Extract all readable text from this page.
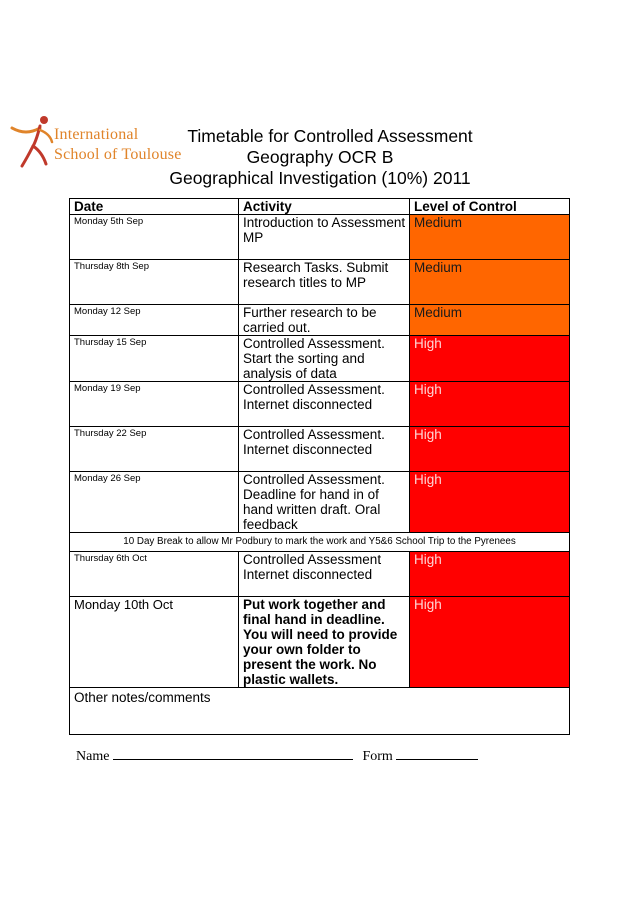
International
School of Toulouse
Timetable for Controlled Assessment
Geography OCR B
Geographical Investigation (10%) 2011
Date	Activity	Level of Control
Monday 5th Sep	Introduction to Assessment MP	Medium
Thursday 8th Sep	Research Tasks. Submit research titles to MP	Medium
Monday 12 Sep	Further research to be carried out.	Medium
Thursday 15 Sep	Controlled Assessment. Start the sorting and analysis of data	High
Monday 19 Sep	Controlled Assessment. Internet disconnected	High
Thursday 22 Sep	Controlled Assessment. Internet disconnected	High
Monday 26 Sep	Controlled Assessment. Deadline for hand in of hand written draft. Oral feedback	High
10 Day Break to allow Mr Podbury to mark the work and Y5&6 School Trip to the Pyrenees		
Thursday 6th Oct	Controlled Assessment Internet disconnected	High
Monday 10th Oct	Put work together and final hand in deadline. You will need to provide your own folder to present the work. No plastic wallets.	High
Other notes/comments		
Name	Form
